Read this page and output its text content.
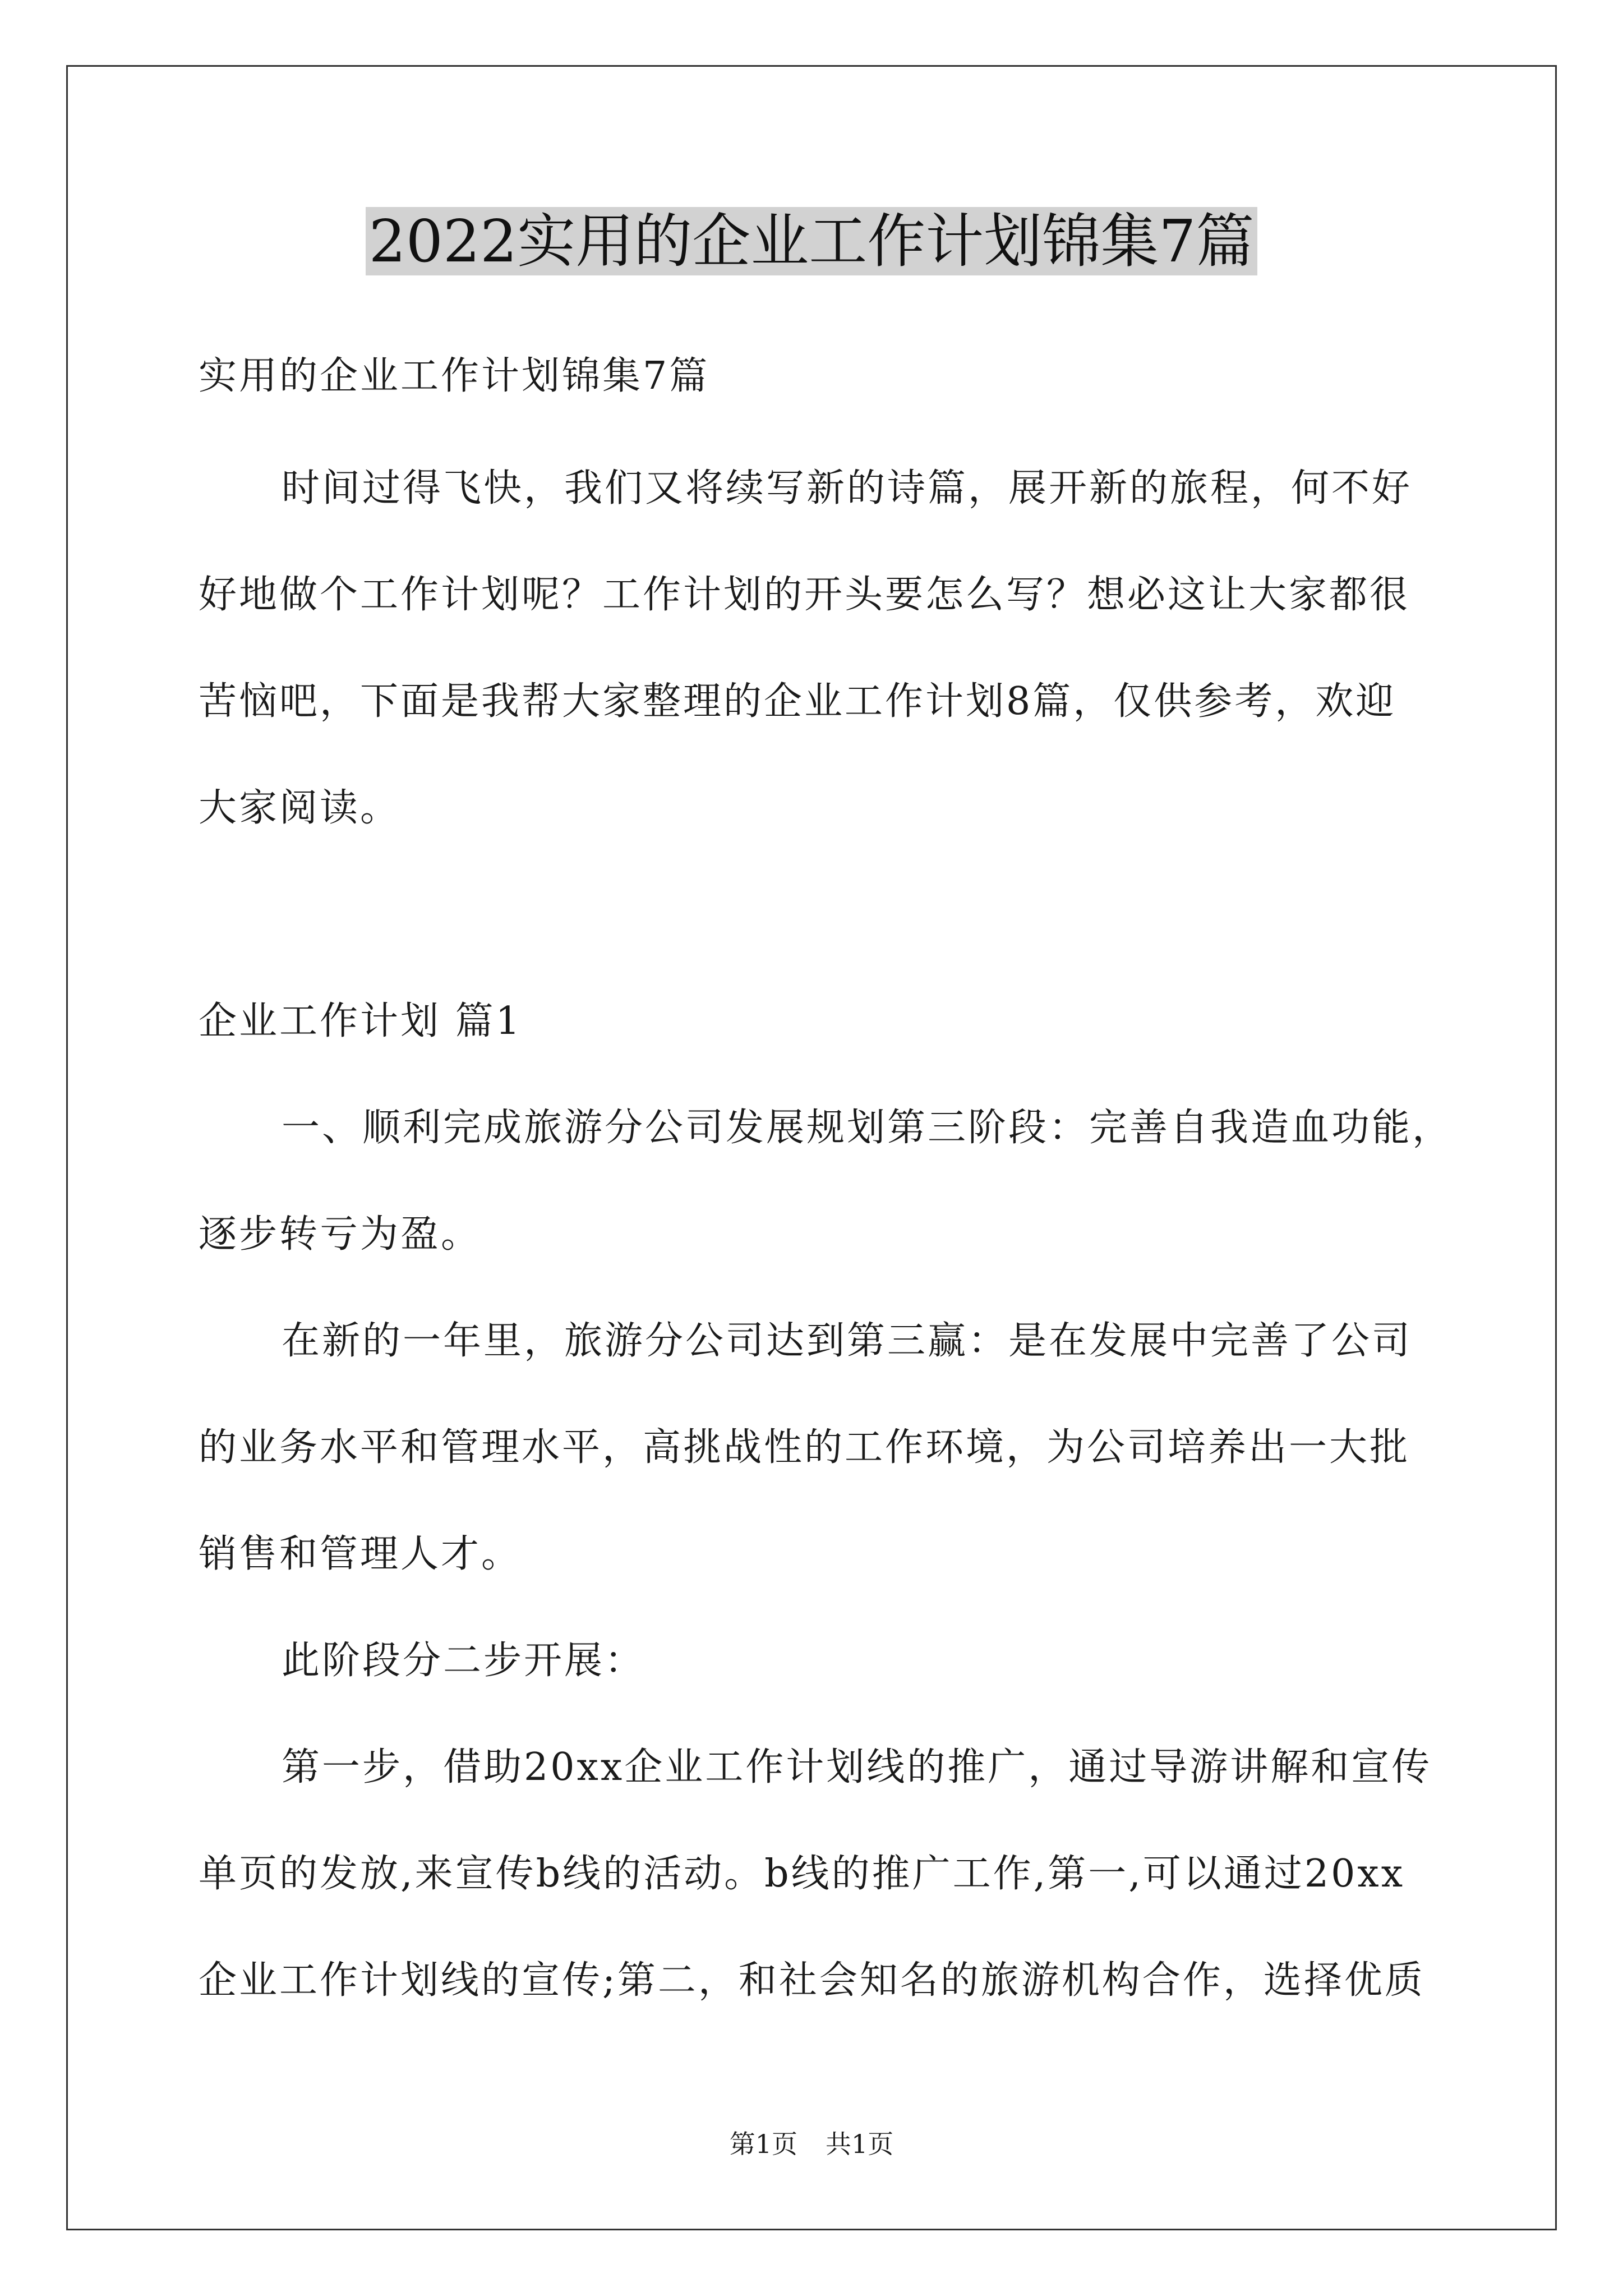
2022实用的企业工作计划锦集7篇
实用的企业工作计划锦集7篇
时间过得飞快，我们又将续写新的诗篇，展开新的旅程，何不好
好地做个工作计划呢？工作计划的开头要怎么写？想必这让大家都很
苦恼吧，下面是我帮大家整理的企业工作计划8篇，仅供参考，欢迎
大家阅读。
企业工作计划 篇1
一、顺利完成旅游分公司发展规划第三阶段：完善自我造血功能，
逐步转亏为盈。
在新的一年里，旅游分公司达到第三赢：是在发展中完善了公司
的业务水平和管理水平，高挑战性的工作环境，为公司培养出一大批
销售和管理人才。
此阶段分二步开展：
第一步，借助20xx企业工作计划线的推广，通过导游讲解和宣传
单页的发放,来宣传b线的活动。b线的推广工作,第一,可以通过20xx
企业工作计划线的宣传;第二，和社会知名的旅游机构合作，选择优质
第1页 共1页
